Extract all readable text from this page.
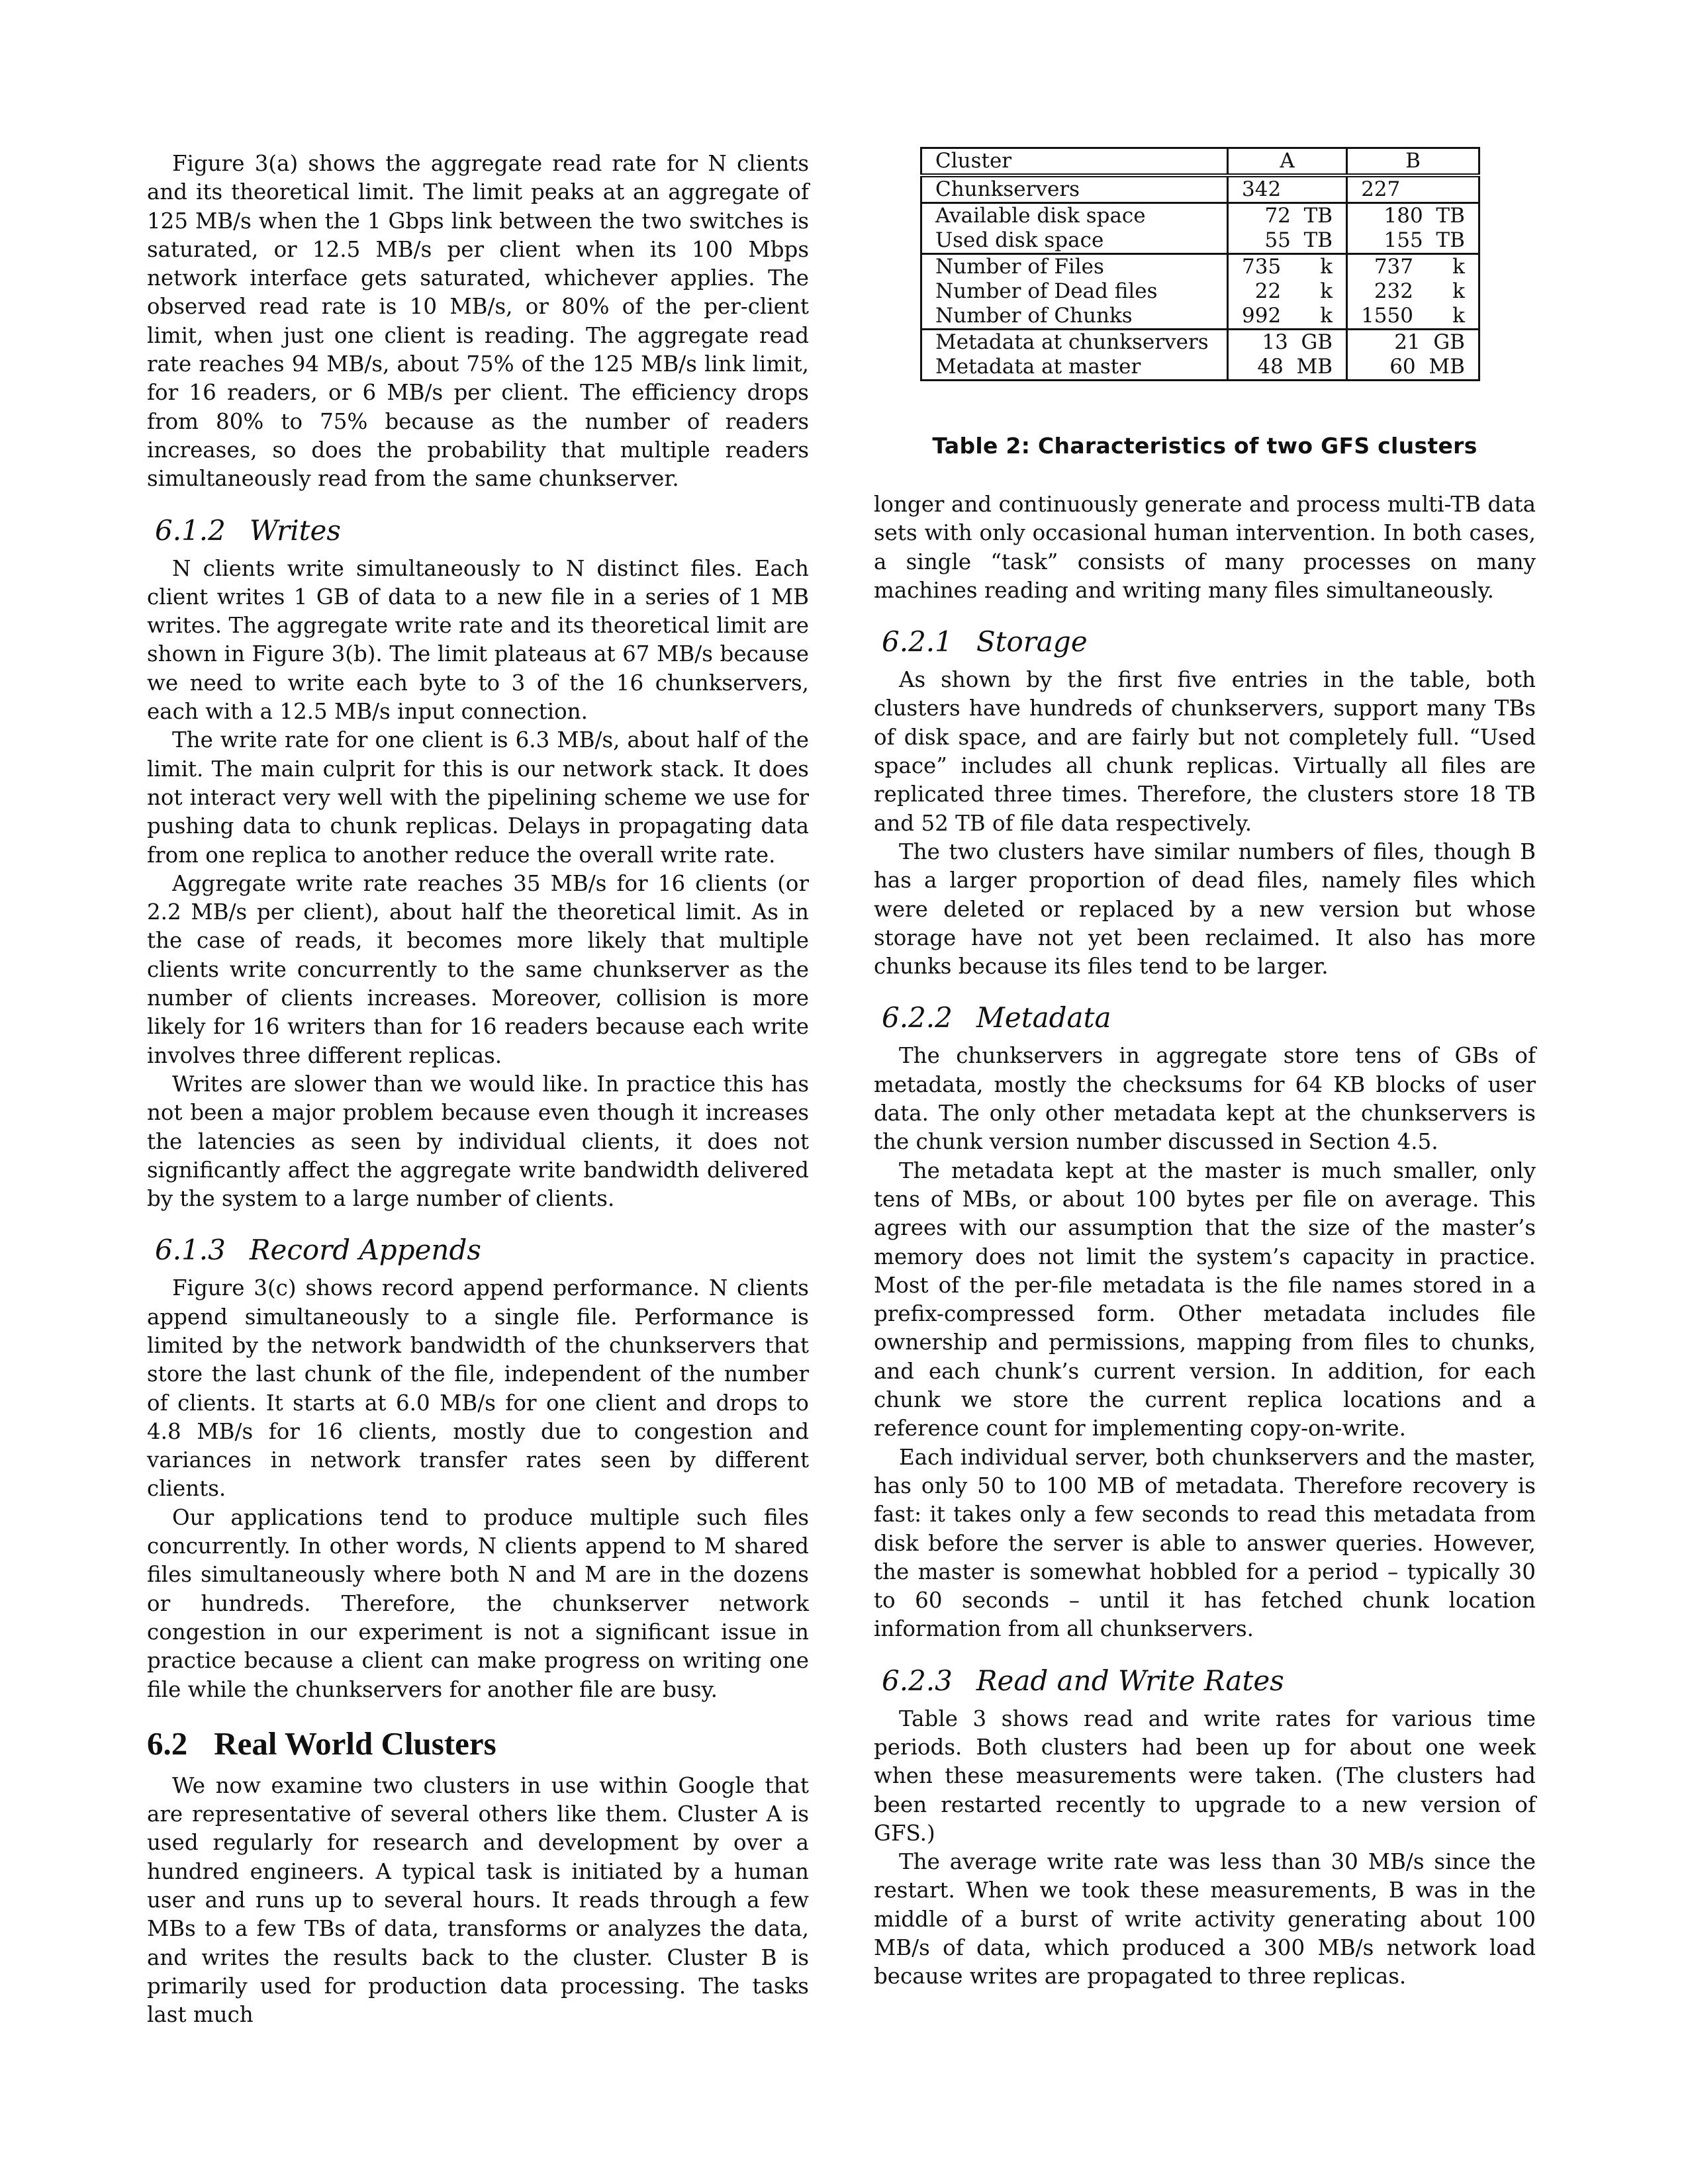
Figure 3(a) shows the aggregate read rate for N clients and its theoretical limit. The limit peaks at an aggregate of 125 MB/s when the 1 Gbps link between the two switches is saturated, or 12.5 MB/s per client when its 100 Mbps network interface gets saturated, whichever applies. The observed read rate is 10 MB/s, or 80% of the per-client limit, when just one client is reading. The aggregate read rate reaches 94 MB/s, about 75% of the 125 MB/s link limit, for 16 readers, or 6 MB/s per client. The efficiency drops from 80% to 75% because as the number of readers increases, so does the probability that multiple readers simultaneously read from the same chunkserver.

6.1.2 Writes

N clients write simultaneously to N distinct files. Each client writes 1 GB of data to a new file in a series of 1 MB writes. The aggregate write rate and its theoretical limit are shown in Figure 3(b). The limit plateaus at 67 MB/s because we need to write each byte to 3 of the 16 chunkservers, each with a 12.5 MB/s input connection.

The write rate for one client is 6.3 MB/s, about half of the limit. The main culprit for this is our network stack. It does not interact very well with the pipelining scheme we use for pushing data to chunk replicas. Delays in propagating data from one replica to another reduce the overall write rate.

Aggregate write rate reaches 35 MB/s for 16 clients (or 2.2 MB/s per client), about half the theoretical limit. As in the case of reads, it becomes more likely that multiple clients write concurrently to the same chunkserver as the number of clients increases. Moreover, collision is more likely for 16 writers than for 16 readers because each write involves three different replicas.

Writes are slower than we would like. In practice this has not been a major problem because even though it increases the latencies as seen by individual clients, it does not significantly affect the aggregate write bandwidth delivered by the system to a large number of clients.

6.1.3 Record Appends

Figure 3(c) shows record append performance. N clients append simultaneously to a single file. Performance is limited by the network bandwidth of the chunkservers that store the last chunk of the file, independent of the number of clients. It starts at 6.0 MB/s for one client and drops to 4.8 MB/s for 16 clients, mostly due to congestion and variances in network transfer rates seen by different clients.

Our applications tend to produce multiple such files concurrently. In other words, N clients append to M shared files simultaneously where both N and M are in the dozens or hundreds. Therefore, the chunkserver network congestion in our experiment is not a significant issue in practice because a client can make progress on writing one file while the chunkservers for another file are busy.

6.2 Real World Clusters

We now examine two clusters in use within Google that are representative of several others like them. Cluster A is used regularly for research and development by over a hundred engineers. A typical task is initiated by a human user and runs up to several hours. It reads through a few MBs to a few TBs of data, transforms or analyzes the data, and writes the results back to the cluster. Cluster B is primarily used for production data processing. The tasks last much

Cluster	A	B
Chunkservers	342	227
Available disk space	72  TB	180  TB
Used disk space	55  TB	155  TB
Number of Files	735      k	737      k
Number of Dead files	22      k	232      k
Number of Chunks	992      k	1550      k
Metadata at chunkservers	13  GB	21  GB
Metadata at master	48  MB	60  MB
Table 2: Characteristics of two GFS clusters

longer and continuously generate and process multi-TB data sets with only occasional human intervention. In both cases, a single “task” consists of many processes on many machines reading and writing many files simultaneously.

6.2.1 Storage

As shown by the first five entries in the table, both clusters have hundreds of chunkservers, support many TBs of disk space, and are fairly but not completely full. “Used space” includes all chunk replicas. Virtually all files are replicated three times. Therefore, the clusters store 18 TB and 52 TB of file data respectively.

The two clusters have similar numbers of files, though B has a larger proportion of dead files, namely files which were deleted or replaced by a new version but whose storage have not yet been reclaimed. It also has more chunks because its files tend to be larger.

6.2.2 Metadata

The chunkservers in aggregate store tens of GBs of metadata, mostly the checksums for 64 KB blocks of user data. The only other metadata kept at the chunkservers is the chunk version number discussed in Section 4.5.

The metadata kept at the master is much smaller, only tens of MBs, or about 100 bytes per file on average. This agrees with our assumption that the size of the master’s memory does not limit the system’s capacity in practice. Most of the per-file metadata is the file names stored in a prefix-compressed form. Other metadata includes file ownership and permissions, mapping from files to chunks, and each chunk’s current version. In addition, for each chunk we store the current replica locations and a reference count for implementing copy-on-write.

Each individual server, both chunkservers and the master, has only 50 to 100 MB of metadata. Therefore recovery is fast: it takes only a few seconds to read this metadata from disk before the server is able to answer queries. However, the master is somewhat hobbled for a period – typically 30 to 60 seconds – until it has fetched chunk location information from all chunkservers.

6.2.3 Read and Write Rates

Table 3 shows read and write rates for various time periods. Both clusters had been up for about one week when these measurements were taken. (The clusters had been restarted recently to upgrade to a new version of GFS.)

The average write rate was less than 30 MB/s since the restart. When we took these measurements, B was in the middle of a burst of write activity generating about 100 MB/s of data, which produced a 300 MB/s network load because writes are propagated to three replicas.
